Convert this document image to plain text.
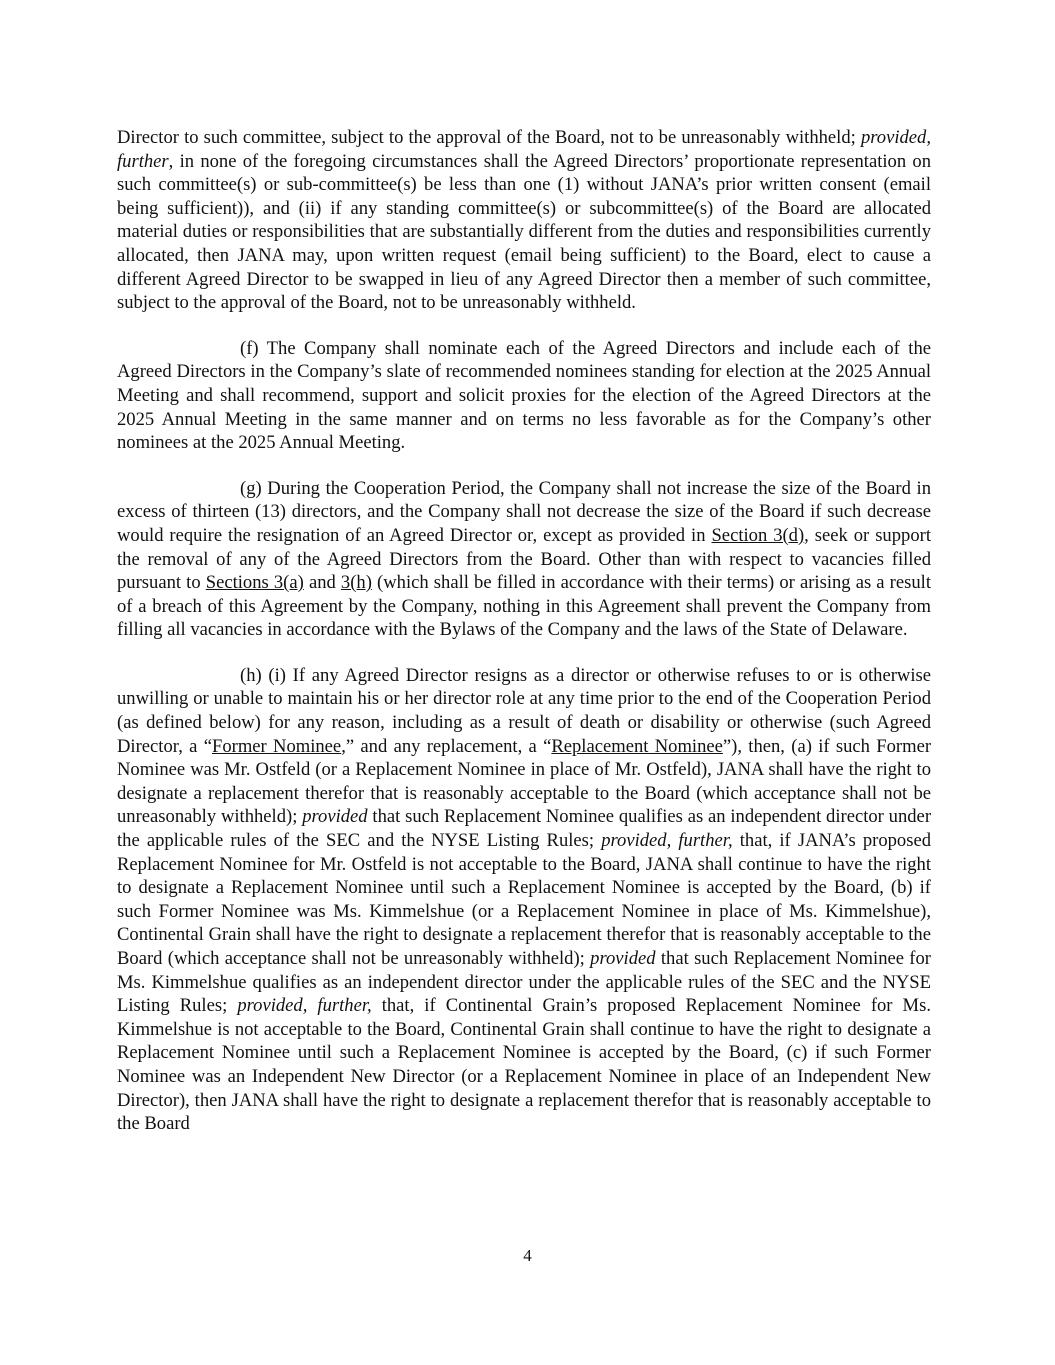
Director to such committee, subject to the approval of the Board, not to be unreasonably withheld; provided, further, in none of the foregoing circumstances shall the Agreed Directors’ proportionate representation on such committee(s) or sub-committee(s) be less than one (1) without JANA’s prior written consent (email being sufficient)), and (ii) if any standing committee(s) or subcommittee(s) of the Board are allocated material duties or responsibilities that are substantially different from the duties and responsibilities currently allocated, then JANA may, upon written request (email being sufficient) to the Board, elect to cause a different Agreed Director to be swapped in lieu of any Agreed Director then a member of such committee, subject to the approval of the Board, not to be unreasonably withheld.

(f) The Company shall nominate each of the Agreed Directors and include each of the Agreed Directors in the Company’s slate of recommended nominees standing for election at the 2025 Annual Meeting and shall recommend, support and solicit proxies for the election of the Agreed Directors at the 2025 Annual Meeting in the same manner and on terms no less favorable as for the Company’s other nominees at the 2025 Annual Meeting.

(g) During the Cooperation Period, the Company shall not increase the size of the Board in excess of thirteen (13) directors, and the Company shall not decrease the size of the Board if such decrease would require the resignation of an Agreed Director or, except as provided in Section 3(d), seek or support the removal of any of the Agreed Directors from the Board. Other than with respect to vacancies filled pursuant to Sections 3(a) and 3(h) (which shall be filled in accordance with their terms) or arising as a result of a breach of this Agreement by the Company, nothing in this Agreement shall prevent the Company from filling all vacancies in accordance with the Bylaws of the Company and the laws of the State of Delaware.

(h) (i) If any Agreed Director resigns as a director or otherwise refuses to or is otherwise unwilling or unable to maintain his or her director role at any time prior to the end of the Cooperation Period (as defined below) for any reason, including as a result of death or disability or otherwise (such Agreed Director, a “Former Nominee,” and any replacement, a “Replacement Nominee”), then, (a) if such Former Nominee was Mr. Ostfeld (or a Replacement Nominee in place of Mr. Ostfeld), JANA shall have the right to designate a replacement therefor that is reasonably acceptable to the Board (which acceptance shall not be unreasonably withheld); provided that such Replacement Nominee qualifies as an independent director under the applicable rules of the SEC and the NYSE Listing Rules; provided, further, that, if JANA’s proposed Replacement Nominee for Mr. Ostfeld is not acceptable to the Board, JANA shall continue to have the right to designate a Replacement Nominee until such a Replacement Nominee is accepted by the Board, (b) if such Former Nominee was Ms. Kimmelshue (or a Replacement Nominee in place of Ms. Kimmelshue), Continental Grain shall have the right to designate a replacement therefor that is reasonably acceptable to the Board (which acceptance shall not be unreasonably withheld); provided that such Replacement Nominee for Ms. Kimmelshue qualifies as an independent director under the applicable rules of the SEC and the NYSE Listing Rules; provided, further, that, if Continental Grain’s proposed Replacement Nominee for Ms. Kimmelshue is not acceptable to the Board, Continental Grain shall continue to have the right to designate a Replacement Nominee until such a Replacement Nominee is accepted by the Board, (c) if such Former Nominee was an Independent New Director (or a Replacement Nominee in place of an Independent New Director), then JANA shall have the right to designate a replacement therefor that is reasonably acceptable to the Board

4
